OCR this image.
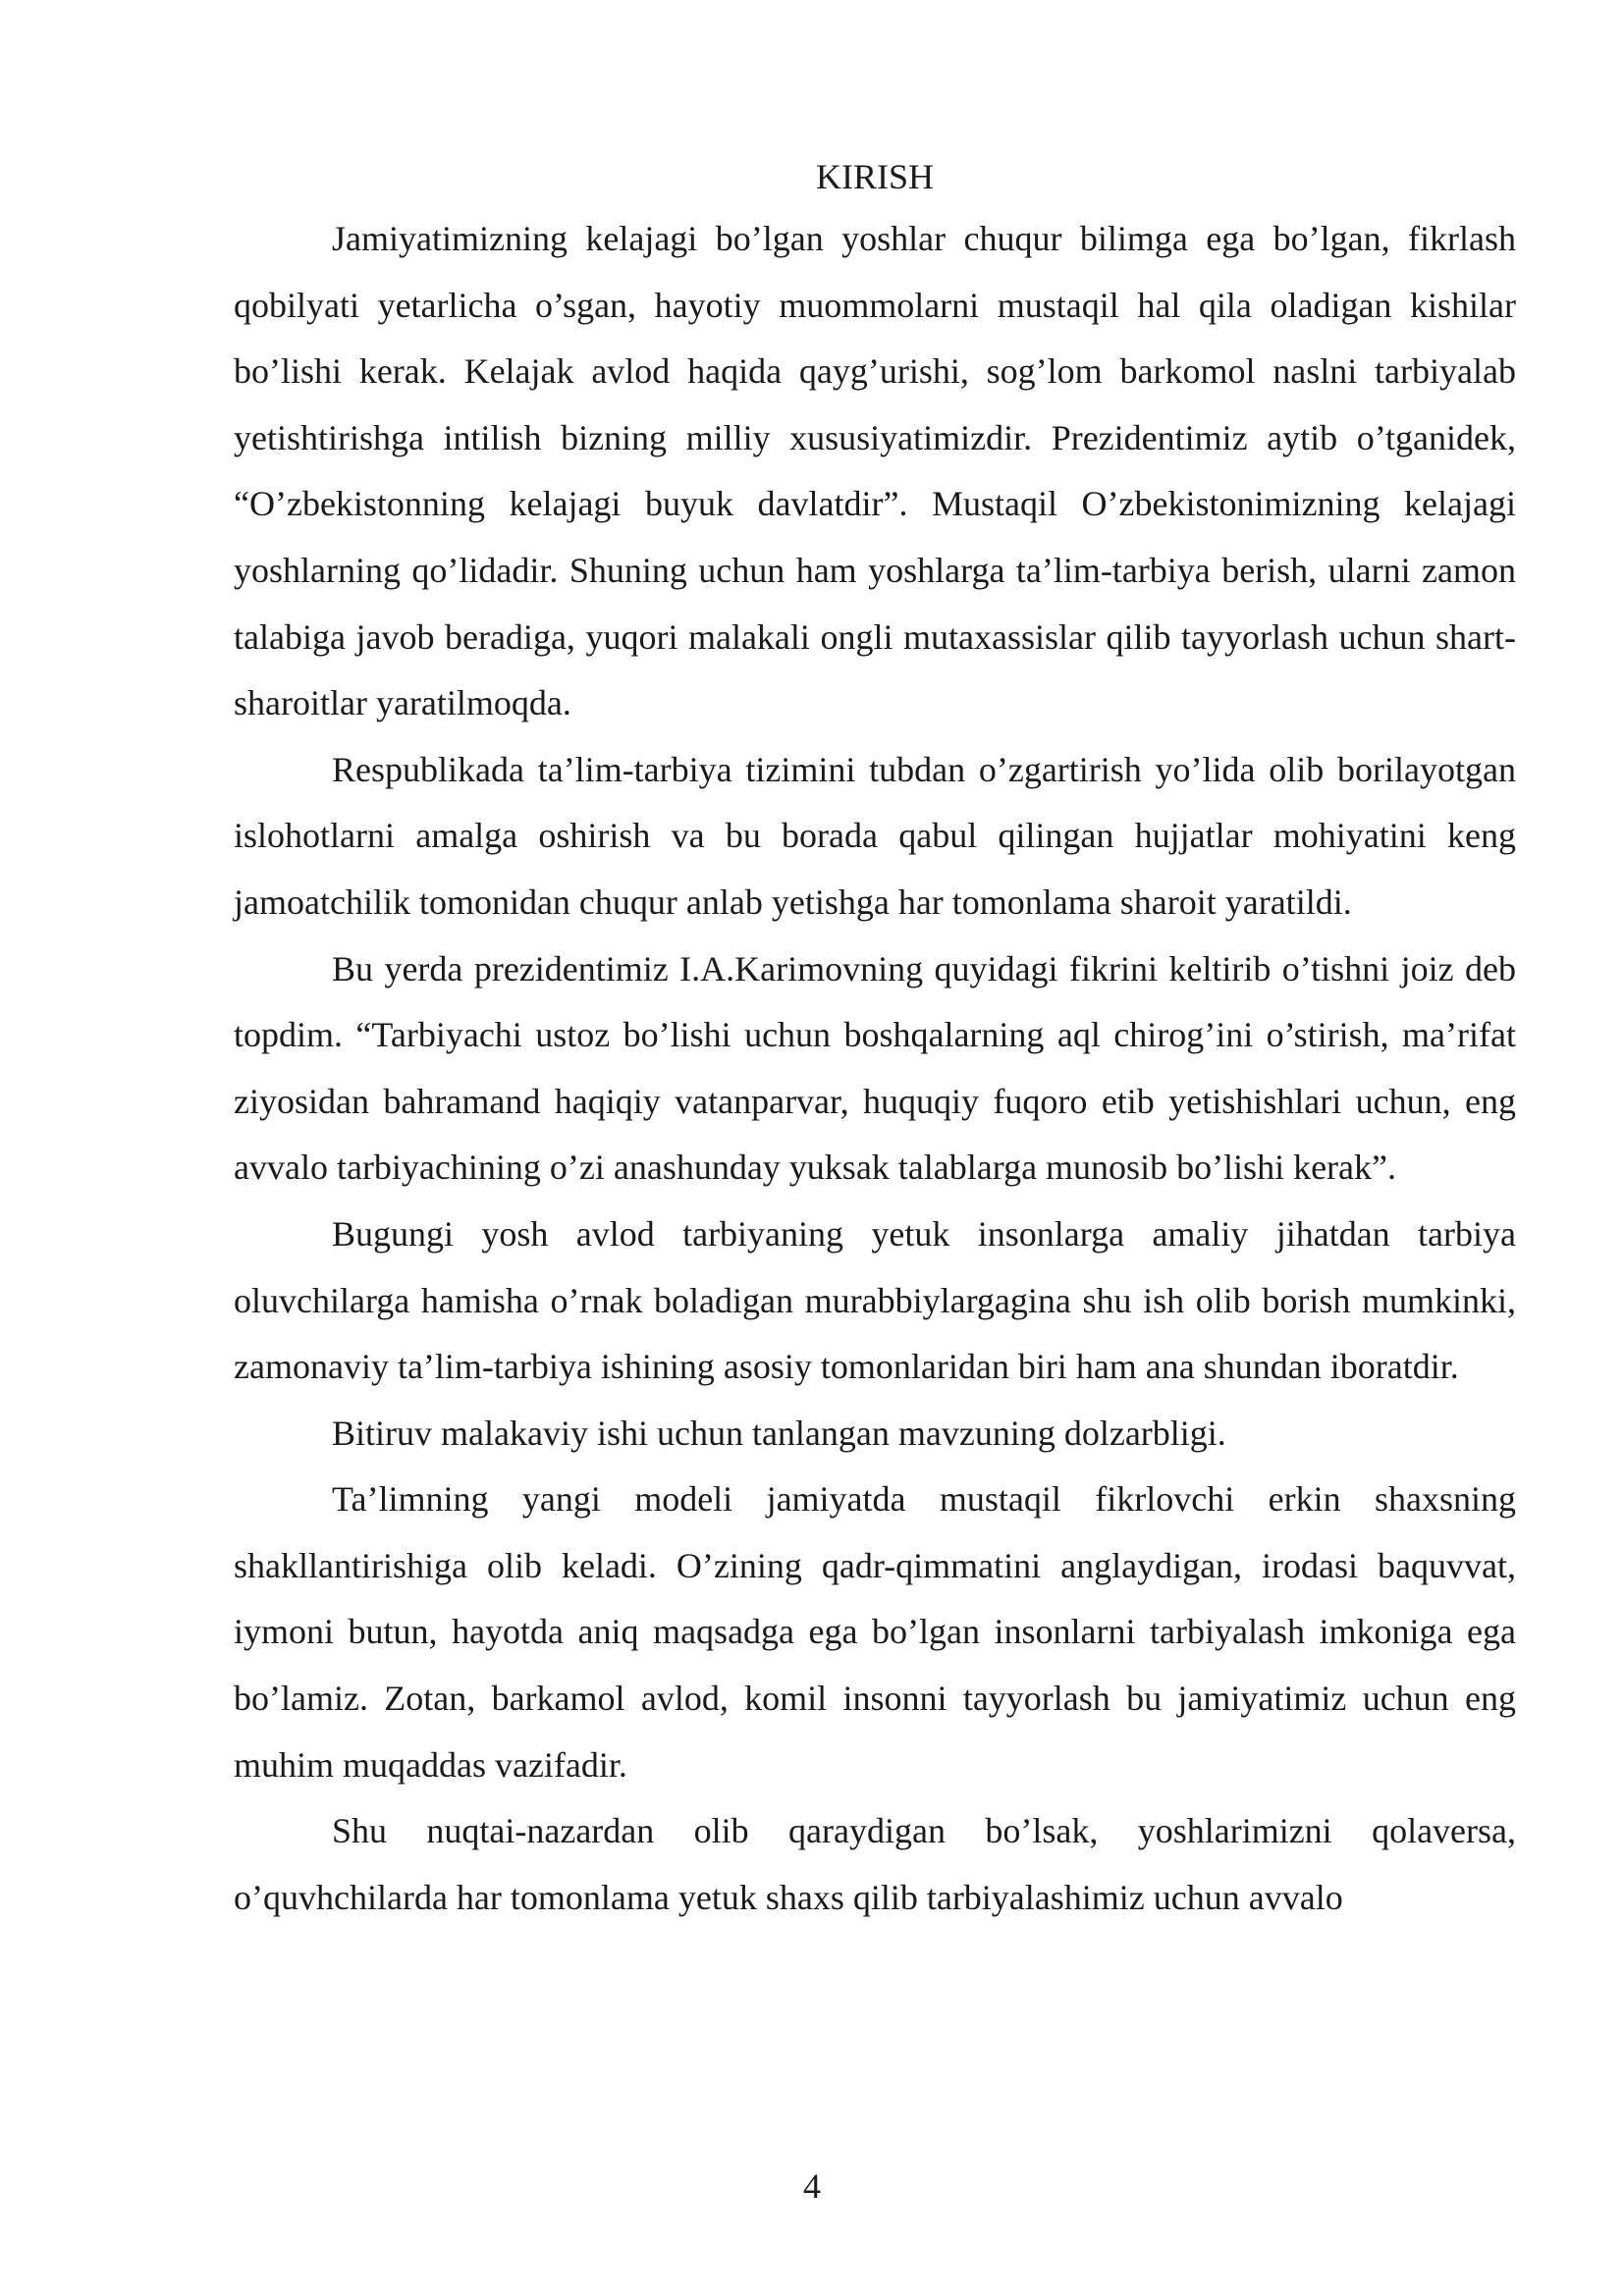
KIRISH

Jamiyatimizning kelajagi bo’lgan yoshlar chuqur bilimga ega bo’lgan, fikrlash qobilyati yetarlicha o’sgan, hayotiy muommolarni mustaqil hal qila oladigan kishilar bo’lishi kerak. Kelajak avlod haqida qayg’urishi, sog’lom barkomol naslni tarbiyalab yetishtirishga intilish bizning milliy xususiyatimizdir. Prezidentimiz aytib o’tganidek, “O’zbekistonning kelajagi buyuk davlatdir”. Mustaqil O’zbekistonimizning kelajagi yoshlarning qo’lidadir. Shuning uchun ham yoshlarga ta’lim-tarbiya berish, ularni zamon talabiga javob beradiga, yuqori malakali ongli mutaxassislar qilib tayyorlash uchun shart-sharoitlar yaratilmoqda.

Respublikada ta’lim-tarbiya tizimini tubdan o’zgartirish yo’lida olib borilayotgan islohotlarni amalga oshirish va bu borada qabul qilingan hujjatlar mohiyatini keng jamoatchilik tomonidan chuqur anlab yetishga har tomonlama sharoit yaratildi.

Bu yerda prezidentimiz I.A.Karimovning quyidagi fikrini keltirib o’tishni joiz deb topdim. “Tarbiyachi ustoz bo’lishi uchun boshqalarning aql chirog’ini o’stirish, ma’rifat ziyosidan bahramand haqiqiy vatanparvar, huquqiy fuqoro etib yetishishlari uchun, eng avvalo tarbiyachining o’zi anashunday yuksak talablarga munosib bo’lishi kerak”.

Bugungi yosh avlod tarbiyaning yetuk insonlarga amaliy jihatdan tarbiya oluvchilarga hamisha o’rnak boladigan murabbiylargagina shu ish olib borish mumkinki, zamonaviy ta’lim-tarbiya ishining asosiy tomonlaridan biri ham ana shundan iboratdir.

Bitiruv malakaviy ishi uchun tanlangan mavzuning dolzarbligi.

Ta’limning yangi modeli jamiyatda mustaqil fikrlovchi erkin shaxsning shakllantirishiga olib keladi. O’zining qadr-qimmatini anglaydigan, irodasi baquvvat, iymoni butun, hayotda aniq maqsadga ega bo’lgan insonlarni tarbiyalash imkoniga ega bo’lamiz. Zotan, barkamol avlod, komil insonni tayyorlash bu jamiyatimiz uchun eng muhim muqaddas vazifadir.

Shu nuqtai-nazardan olib qaraydigan bo’lsak, yoshlarimizni qolaversa, o’quvhchilarda har tomonlama yetuk shaxs qilib tarbiyalashimiz uchun avvalo

4
